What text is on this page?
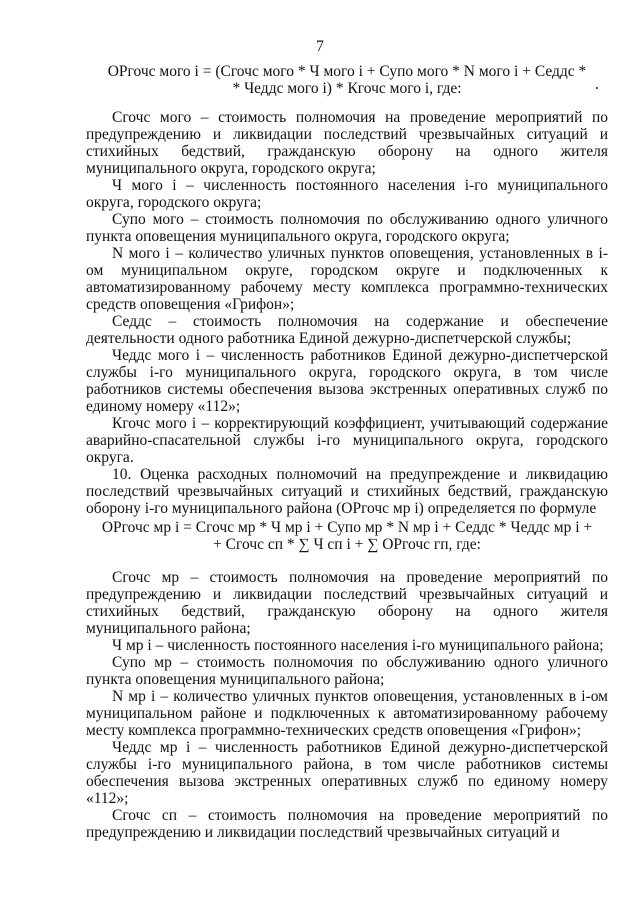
7
ОРгочс мого i = (Сгочс мого * Ч мого i + Супо мого * N мого i + Седдс *
* Чеддс мого i) * Кгочс мого i, где:

Сгочс мого – стоимость полномочия на проведение мероприятий по предупреждению и ликвидации последствий чрезвычайных ситуаций и стихийных бедствий, гражданскую оборону на одного жителя муниципального округа, городского округа;

Ч мого i – численность постоянного населения i-го муниципального округа, городского округа;

Супо мого – стоимость полномочия по обслуживанию одного уличного пункта оповещения муниципального округа, городского округа;

N мого i – количество уличных пунктов оповещения, установленных в i-ом муниципальном округе, городском округе и подключенных к автоматизированному рабочему месту комплекса программно-технических средств оповещения «Грифон»;

Седдс – стоимость полномочия на содержание и обеспечение деятельности одного работника Единой дежурно-диспетчерской службы;

Чеддс мого i – численность работников Единой дежурно-диспетчерской службы i-го муниципального округа, городского округа, в том числе работников системы обеспечения вызова экстренных оперативных служб по единому номеру «112»;

Кгочс мого i – корректирующий коэффициент, учитывающий содержание аварийно-спасательной службы i-го муниципального округа, городского округа.

10. Оценка расходных полномочий на предупреждение и ликвидацию последствий чрезвычайных ситуаций и стихийных бедствий, гражданскую оборону i-го муниципального района (ОРгочс мр i) определяется по формуле

ОРгочс мр i = Сгочс мр * Ч мр i + Супо мр * N мр i + Седдс * Чеддс мр i +
+ Сгочс сп * ∑ Ч сп i + ∑ ОРгочс гп, где:

Сгочс мр – стоимость полномочия на проведение мероприятий по предупреждению и ликвидации последствий чрезвычайных ситуаций и стихийных бедствий, гражданскую оборону на одного жителя муниципального района;

Ч мр i – численность постоянного населения i-го муниципального района;

Супо мр – стоимость полномочия по обслуживанию одного уличного пункта оповещения муниципального района;

N мр i – количество уличных пунктов оповещения, установленных в i-ом муниципальном районе и подключенных к автоматизированному рабочему месту комплекса программно-технических средств оповещения «Грифон»;

Чеддс мр i – численность работников Единой дежурно-диспетчерской службы i-го муниципального района, в том числе работников системы обеспечения вызова экстренных оперативных служб по единому номеру «112»;

Сгочс сп – стоимость полномочия на проведение мероприятий по предупреждению и ликвидации последствий чрезвычайных ситуаций и
